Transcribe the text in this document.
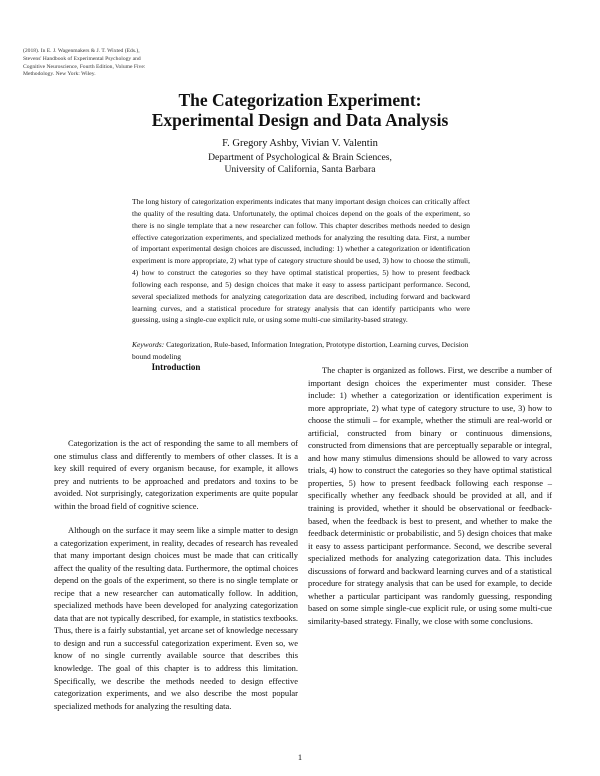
(2018). In E. J. Wagenmakers & J. T. Wixted (Eds.),
Stevens' Handbook of Experimental Psychology and
Cognitive Neuroscience, Fourth Edition, Volume Five:
Methodology. New York: Wiley.
The Categorization Experiment:
Experimental Design and Data Analysis
F. Gregory Ashby, Vivian V. Valentin
Department of Psychological & Brain Sciences,
University of California, Santa Barbara
The long history of categorization experiments indicates that many important design choices can critically affect the quality of the resulting data. Unfortunately, the optimal choices depend on the goals of the experiment, so there is no single template that a new researcher can follow. This chapter describes methods needed to design effective categorization experiments, and specialized methods for analyzing the resulting data. First, a number of important experimental design choices are discussed, including: 1) whether a categorization or identification experiment is more appropriate, 2) what type of category structure should be used, 3) how to choose the stimuli, 4) how to construct the categories so they have optimal statistical properties, 5) how to present feedback following each response, and 5) design choices that make it easy to assess participant performance. Second, several specialized methods for analyzing categorization data are described, including forward and backward learning curves, and a statistical procedure for strategy analysis that can identify participants who were guessing, using a single-cue explicit rule, or using some multi-cue similarity-based strategy.
Keywords: Categorization, Rule-based, Information Integration, Prototype distortion, Learning curves, Decision bound modeling
Introduction

Categorization is the act of responding the same to all members of one stimulus class and differently to members of other classes. It is a key skill required of every organism because, for example, it allows prey and nutrients to be approached and predators and toxins to be avoided. Not surprisingly, categorization experiments are quite popular within the broad field of cognitive science.

Although on the surface it may seem like a simple matter to design a categorization experiment, in reality, decades of research has revealed that many important design choices must be made that can critically affect the quality of the resulting data. Furthermore, the optimal choices depend on the goals of the experiment, so there is no single template or recipe that a new researcher can automatically follow. In addition, specialized methods have been developed for analyzing categorization data that are not typically described, for example, in statistics textbooks. Thus, there is a fairly substantial, yet arcane set of knowledge necessary to design and run a successful categorization experiment. Even so, we know of no single currently available source that describes this knowledge. The goal of this chapter is to address this limitation. Specifically, we describe the methods needed to design effective categorization experiments, and we also describe the most popular specialized methods for analyzing the resulting data.

The chapter is organized as follows. First, we describe a number of important design choices the experimenter must consider. These include: 1) whether a categorization or identification experiment is more appropriate, 2) what type of category structure to use, 3) how to choose the stimuli – for example, whether the stimuli are real-world or artificial, constructed from binary or continuous dimensions, constructed from dimensions that are perceptually separable or integral, and how many stimulus dimensions should be allowed to vary across trials, 4) how to construct the categories so they have optimal statistical properties, 5) how to present feedback following each response – specifically whether any feedback should be provided at all, and if training is provided, whether it should be observational or feedback-based, when the feedback is best to present, and whether to make the feedback deterministic or probabilistic, and 5) design choices that make it easy to assess participant performance. Second, we describe several specialized methods for analyzing categorization data. This includes discussions of forward and backward learning curves and of a statistical procedure for strategy analysis that can be used for example, to decide whether a particular participant was randomly guessing, responding based on some simple single-cue explicit rule, or using some multi-cue similarity-based strategy. Finally, we close with some conclusions.

1
